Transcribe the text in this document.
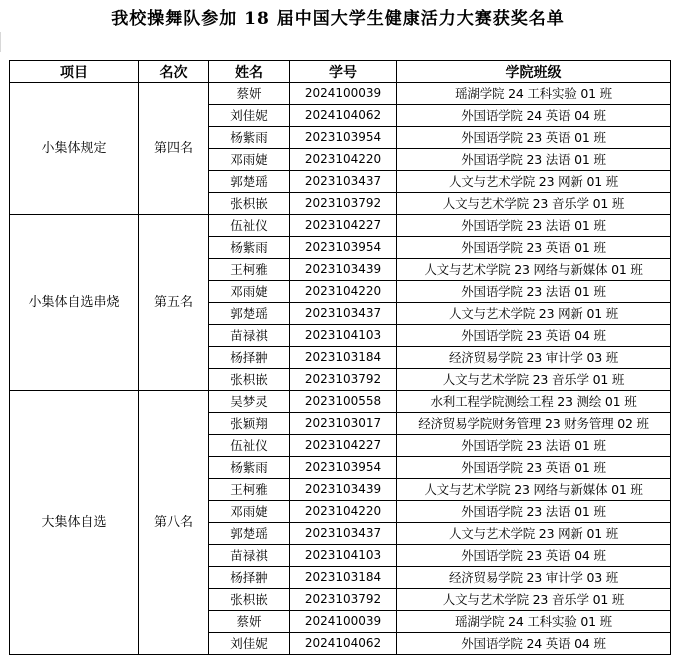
我校操舞队参加 18 届中国大学生健康活力大赛获奖名单
项目	名次	姓名	学号	学院班级
小集体规定	第四名	蔡妍	2024100039	瑶湖学院 24 工科实验 01 班
		刘佳妮	2024104062	外国语学院 24 英语 04 班
		杨紫雨	2023103954	外国语学院 23 英语 01 班
		邓雨婕	2023104220	外国语学院 23 法语 01 班
		郭楚瑶	2023103437	人文与艺术学院 23 网新 01 班
		张枳嵌	2023103792	人文与艺术学院 23 音乐学 01 班
小集体自选串烧	第五名	伍祉仪	2023104227	外国语学院 23 法语 01 班
		杨紫雨	2023103954	外国语学院 23 英语 01 班
		王柯雅	2023103439	人文与艺术学院 23 网络与新媒体 01 班
		邓雨婕	2023104220	外国语学院 23 法语 01 班
		郭楚瑶	2023103437	人文与艺术学院 23 网新 01 班
		苗禄祺	2023104103	外国语学院 23 英语 04 班
		杨择翀	2023103184	经济贸易学院 23 审计学 03 班
		张枳嵌	2023103792	人文与艺术学院 23 音乐学 01 班
大集体自选	第八名	吴梦灵	2023100558	水利工程学院测绘工程 23 测绘 01 班
		张颖翔	2023103017	经济贸易学院财务管理 23 财务管理 02 班
		伍祉仪	2023104227	外国语学院 23 法语 01 班
		杨紫雨	2023103954	外国语学院 23 英语 01 班
		王柯雅	2023103439	人文与艺术学院 23 网络与新媒体 01 班
		邓雨婕	2023104220	外国语学院 23 法语 01 班
		郭楚瑶	2023103437	人文与艺术学院 23 网新 01 班
		苗禄祺	2023104103	外国语学院 23 英语 04 班
		杨择翀	2023103184	经济贸易学院 23 审计学 03 班
		张枳嵌	2023103792	人文与艺术学院 23 音乐学 01 班
		蔡妍	2024100039	瑶湖学院 24 工科实验 01 班
		刘佳妮	2024104062	外国语学院 24 英语 04 班
